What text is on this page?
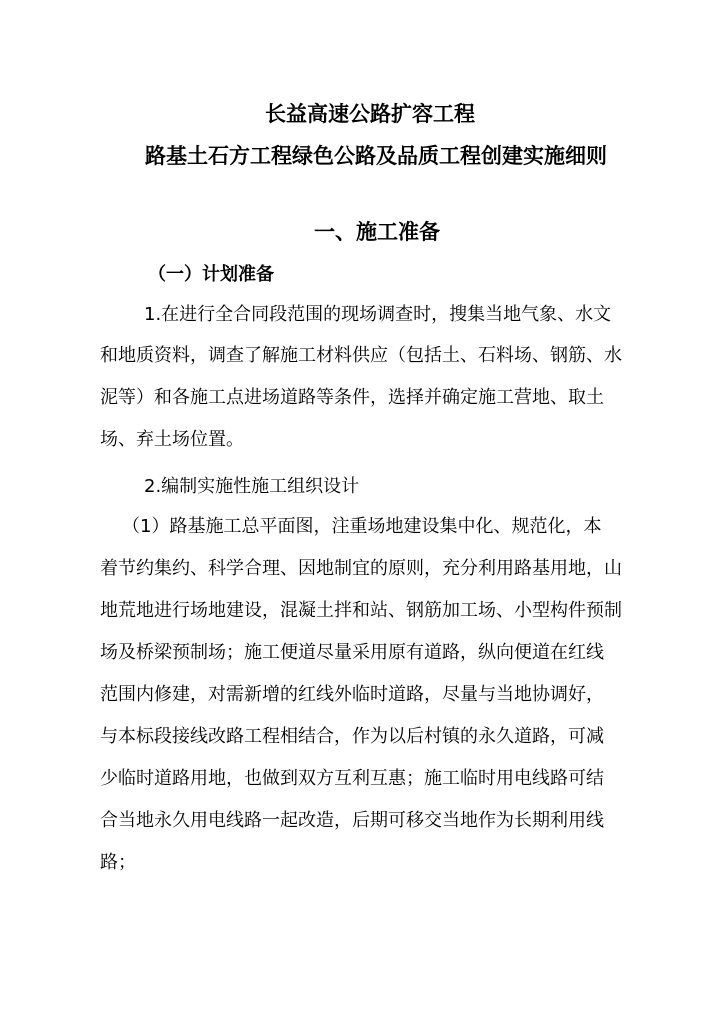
长益高速公路扩容工程
路基土石方工程绿色公路及品质工程创建实施细则
一、施工准备
（一）计划准备
1.在进行全合同段范围的现场调查时，搜集当地气象、水文
和地质资料，调查了解施工材料供应（包括土、石料场、钢筋、水
泥等）和各施工点进场道路等条件，选择并确定施工营地、取土
场、弃土场位置。
2.编制实施性施工组织设计
（1）路基施工总平面图，注重场地建设集中化、规范化，本
着节约集约、科学合理、因地制宜的原则，充分利用路基用地，山
地荒地进行场地建设，混凝土拌和站、钢筋加工场、小型构件预制
场及桥梁预制场；施工便道尽量采用原有道路，纵向便道在红线
范围内修建，对需新增的红线外临时道路，尽量与当地协调好，
与本标段接线改路工程相结合，作为以后村镇的永久道路，可减
少临时道路用地，也做到双方互利互惠；施工临时用电线路可结
合当地永久用电线路一起改造，后期可移交当地作为长期利用线
路；
